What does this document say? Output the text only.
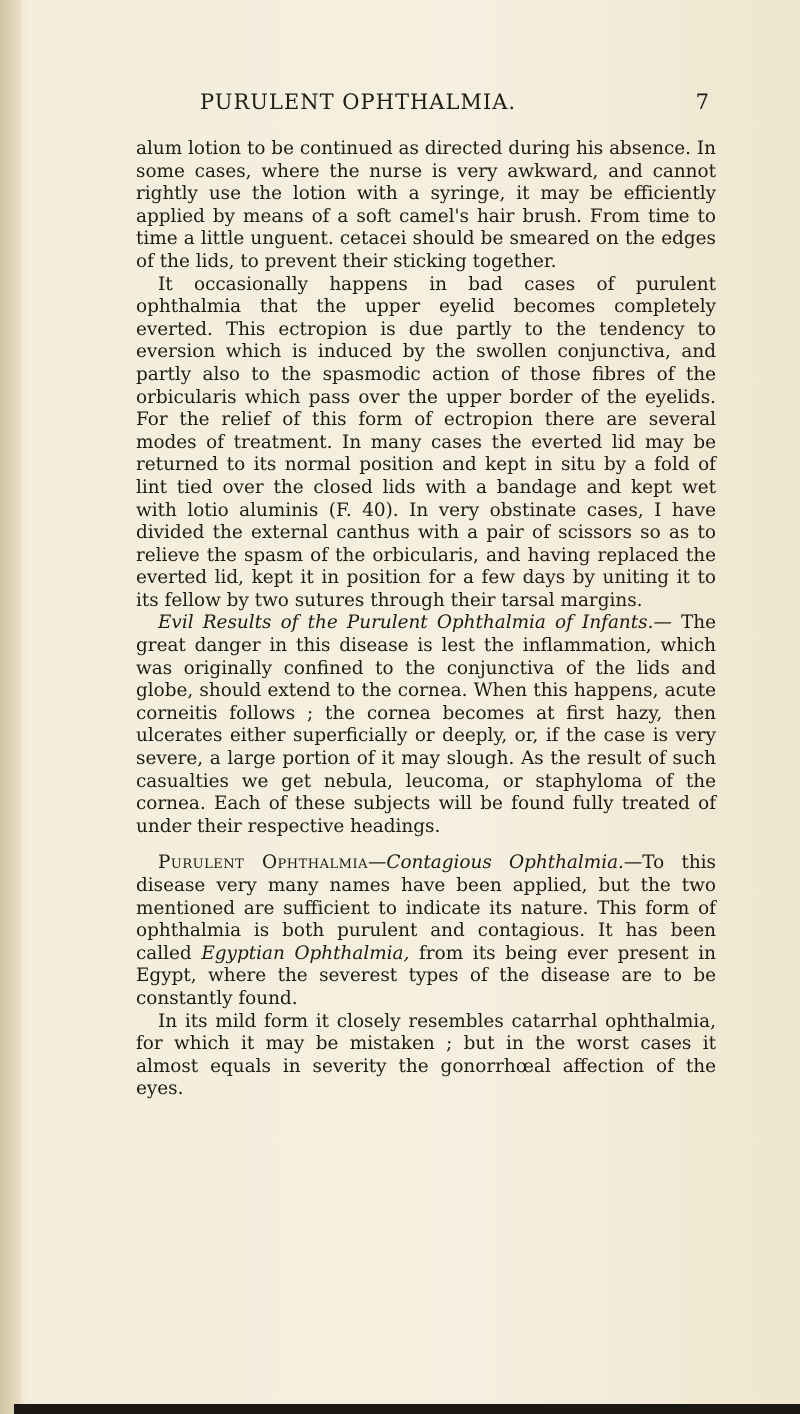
PURULENT OPHTHALMIA.	7

alum lotion to be continued as directed during his absence. In some cases, where the nurse is very awkward, and cannot rightly use the lotion with a syringe, it may be efficiently applied by means of a soft camel's hair brush. From time to time a little unguent. cetacei should be smeared on the edges of the lids, to prevent their sticking together.

It occasionally happens in bad cases of purulent ophthalmia that the upper eyelid becomes completely everted. This ectropion is due partly to the tendency to eversion which is induced by the swollen conjunctiva, and partly also to the spasmodic action of those fibres of the orbicularis which pass over the upper border of the eyelids. For the relief of this form of ectropion there are several modes of treatment. In many cases the everted lid may be returned to its normal position and kept in situ by a fold of lint tied over the closed lids with a bandage and kept wet with lotio aluminis (F. 40). In very obstinate cases, I have divided the external canthus with a pair of scissors so as to relieve the spasm of the orbicularis, and having replaced the everted lid, kept it in position for a few days by uniting it to its fellow by two sutures through their tarsal margins.

Evil Results of the Purulent Ophthalmia of Infants.— The great danger in this disease is lest the inflammation, which was originally confined to the conjunctiva of the lids and globe, should extend to the cornea. When this happens, acute corneitis follows ; the cornea becomes at first hazy, then ulcerates either superficially or deeply, or, if the case is very severe, a large portion of it may slough. As the result of such casualties we get nebula, leucoma, or staphyloma of the cornea. Each of these subjects will be found fully treated of under their respective headings.

Purulent Ophthalmia—Contagious Ophthalmia.—To this disease very many names have been applied, but the two mentioned are sufficient to indicate its nature. This form of ophthalmia is both purulent and contagious. It has been called Egyptian Ophthalmia, from its being ever present in Egypt, where the severest types of the disease are to be constantly found.

In its mild form it closely resembles catarrhal ophthalmia, for which it may be mistaken ; but in the worst cases it almost equals in severity the gonorrhœal affection of the eyes.
